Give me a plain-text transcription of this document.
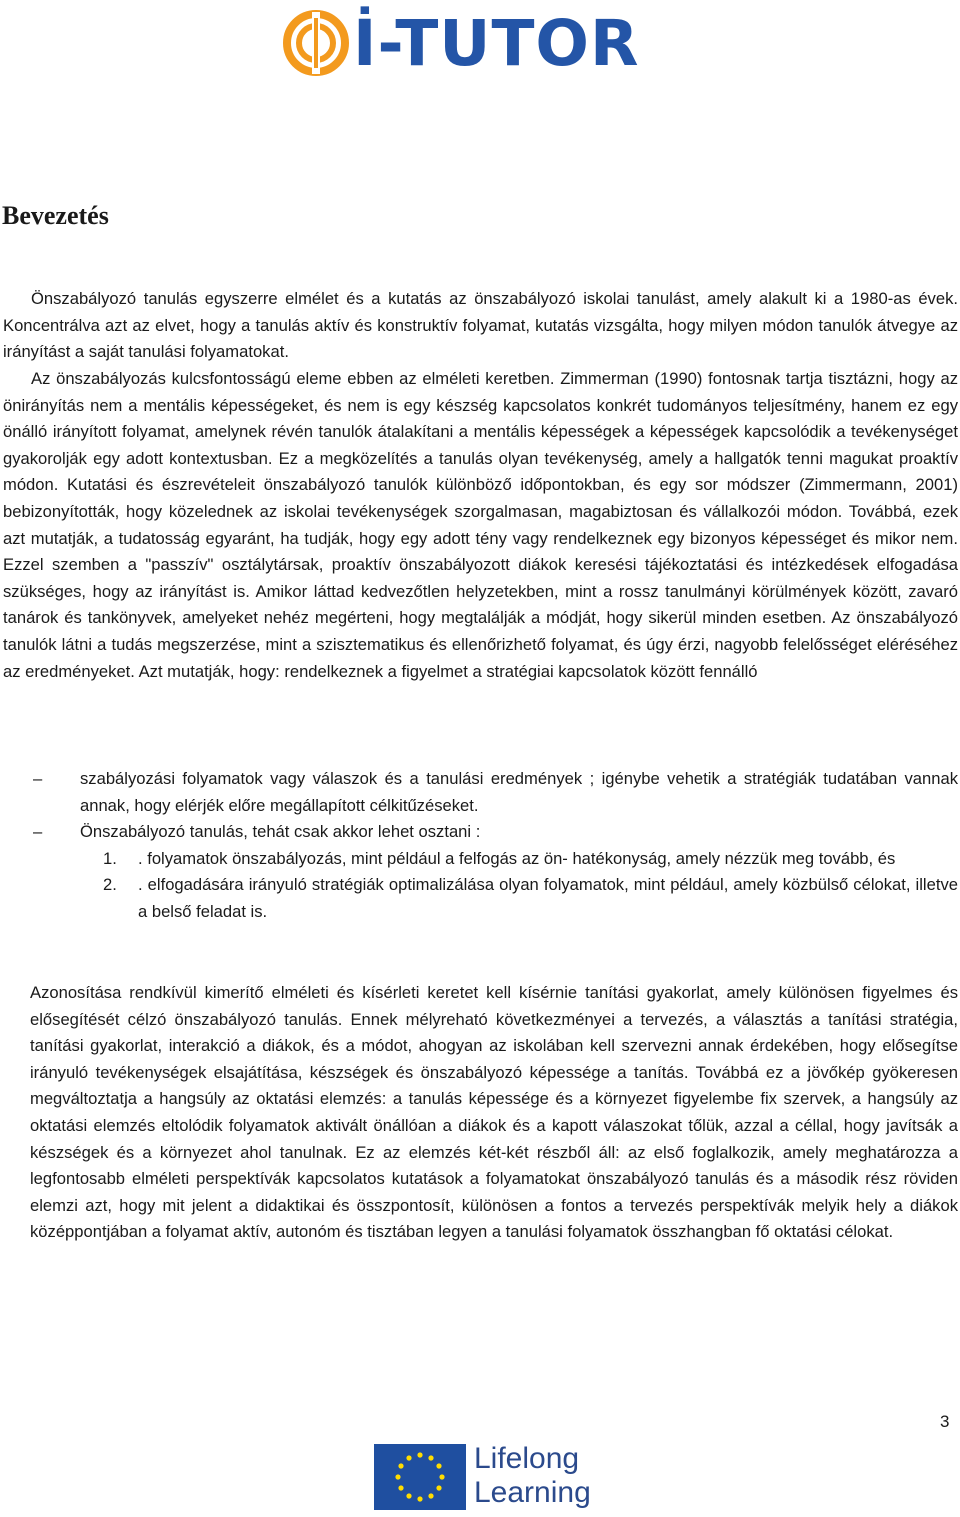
İ-TUTOR
Bevezetés

Önszabályozó tanulás egyszerre elmélet és a kutatás az önszabályozó iskolai tanulást, amely alakult ki a 1980-as évek. Koncentrálva azt az elvet, hogy a tanulás aktív és konstruktív folyamat, kutatás vizsgálta, hogy milyen módon tanulók átvegye az irányítást a saját tanulási folyamatokat.

Az önszabályozás kulcsfontosságú eleme ebben az elméleti keretben. Zimmerman (1990) fontosnak tartja tisztázni, hogy az önirányítás nem a mentális képességeket, és nem is egy készség kapcsolatos konkrét tudományos teljesítmény, hanem ez egy önálló irányított folyamat, amelynek révén tanulók átalakítani a mentális képességek a képességek kapcsolódik a tevékenységet gyakorolják egy adott kontextusban. Ez a megközelítés a tanulás olyan tevékenység, amely a hallgatók tenni magukat proaktív módon. Kutatási és észrevételeit önszabályozó tanulók különböző időpontokban, és egy sor módszer (Zimmermann, 2001) bebizonyították, hogy közelednek az iskolai tevékenységek szorgalmasan, magabiztosan és vállalkozói módon. Továbbá, ezek azt mutatják, a tudatosság egyaránt, ha tudják, hogy egy adott tény vagy rendelkeznek egy bizonyos képességet és mikor nem. Ezzel szemben a "passzív" osztálytársak, proaktív önszabályozott diákok keresési tájékoztatási és intézkedések elfogadása szükséges, hogy az irányítást is. Amikor láttad kedvezőtlen helyzetekben, mint a rossz tanulmányi körülmények között, zavaró tanárok és tankönyvek, amelyeket nehéz megérteni, hogy megtalálják a módját, hogy sikerül minden esetben. Az önszabályozó tanulók látni a tudás megszerzése, mint a szisztematikus és ellenőrizhető folyamat, és úgy érzi, nagyobb felelősséget eléréséhez az eredményeket. Azt mutatják, hogy: rendelkeznek a figyelmet a stratégiai kapcsolatok között fennálló

– szabályozási folyamatok vagy válaszok és a tanulási eredmények ; igénybe vehetik a stratégiák tudatában vannak annak, hogy elérjék előre megállapított célkitűzéseket.
– Önszabályozó tanulás, tehát csak akkor lehet osztani :
1. . folyamatok önszabályozás, mint például a felfogás az ön- hatékonyság, amely nézzük meg tovább, és
2. . elfogadására irányuló stratégiák optimalizálása olyan folyamatok, mint például, amely közbülső célokat, illetve a belső feladat is.

Azonosítása rendkívül kimerítő elméleti és kísérleti keretet kell kísérnie tanítási gyakorlat, amely különösen figyelmes és elősegítését célzó önszabályozó tanulás. Ennek mélyreható következményei a tervezés, a választás a tanítási stratégia, tanítási gyakorlat, interakció a diákok, és a módot, ahogyan az iskolában kell szervezni annak érdekében, hogy elősegítse irányuló tevékenységek elsajátítása, készségek és önszabályozó képessége a tanítás. Továbbá ez a jövőkép gyökeresen megváltoztatja a hangsúly az oktatási elemzés: a tanulás képessége és a környezet figyelembe fix szervek, a hangsúly az oktatási elemzés eltolódik folyamatok aktivált önállóan a diákok és a kapott válaszokat tőlük, azzal a céllal, hogy javítsák a készségek és a környezet ahol tanulnak. Ez az elemzés két-két részből áll: az első foglalkozik, amely meghatározza a legfontosabb elméleti perspektívák kapcsolatos kutatások a folyamatokat önszabályozó tanulás és a második rész röviden elemzi azt, hogy mit jelent a didaktikai és összpontosít, különösen a fontos a tervezés perspektívák melyik hely a diákok középpontjában a folyamat aktív, autonóm és tisztában legyen a tanulási folyamatok összhangban fő oktatási célokat.

3
Lifelong
Learning
